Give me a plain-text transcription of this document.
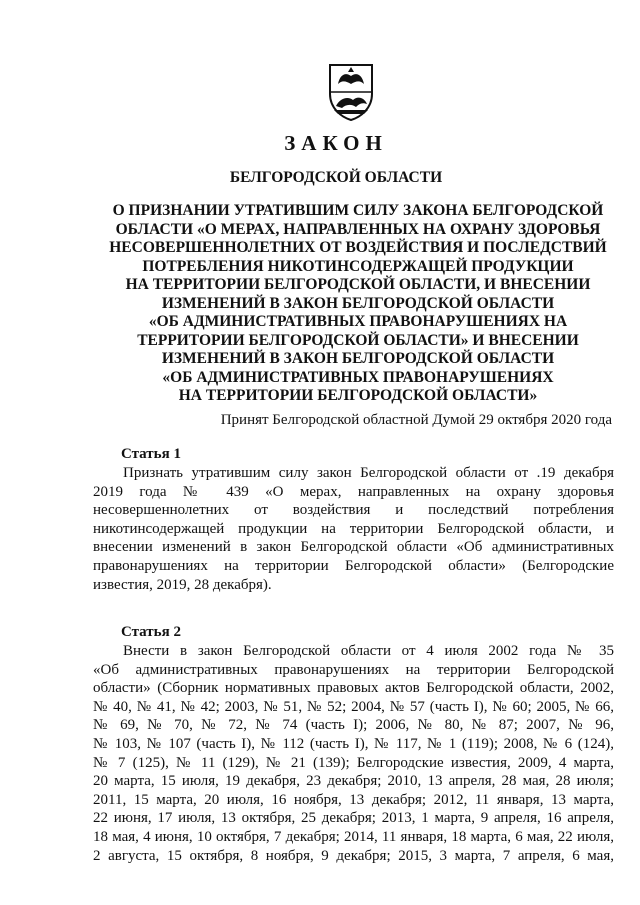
ЗАКОН
БЕЛГОРОДСКОЙ ОБЛАСТИ
О ПРИЗНАНИИ УТРАТИВШИМ СИЛУ ЗАКОНА БЕЛГОРОДСКОЙ
ОБЛАСТИ «О МЕРАХ, НАПРАВЛЕННЫХ НА ОХРАНУ ЗДОРОВЬЯ
НЕСОВЕРШЕННОЛЕТНИХ ОТ ВОЗДЕЙСТВИЯ И ПОСЛЕДСТВИЙ
ПОТРЕБЛЕНИЯ НИКОТИНСОДЕРЖАЩЕЙ ПРОДУКЦИИ
НА ТЕРРИТОРИИ БЕЛГОРОДСКОЙ ОБЛАСТИ, И ВНЕСЕНИИ
ИЗМЕНЕНИЙ В ЗАКОН БЕЛГОРОДСКОЙ ОБЛАСТИ
«ОБ АДМИНИСТРАТИВНЫХ ПРАВОНАРУШЕНИЯХ НА
ТЕРРИТОРИИ БЕЛГОРОДСКОЙ ОБЛАСТИ» И ВНЕСЕНИИ
ИЗМЕНЕНИЙ В ЗАКОН БЕЛГОРОДСКОЙ ОБЛАСТИ
«ОБ АДМИНИСТРАТИВНЫХ ПРАВОНАРУШЕНИЯХ
НА ТЕРРИТОРИИ БЕЛГОРОДСКОЙ ОБЛАСТИ»
Принят Белгородской областной Думой 29 октября 2020 года
Статья 1
Признать утратившим силу закон Белгородской области от .19 декабря
2019 года № 439 «О мерах, направленных на охрану здоровья
несовершеннолетних от воздействия и последствий потребления
никотинсодержащей продукции на территории Белгородской области, и
внесении изменений в закон Белгородской области «Об административных
правонарушениях на территории Белгородской области» (Белгородские
известия, 2019, 28 декабря).
Статья 2
Внести в закон Белгородской области от 4 июля 2002 года № 35
«Об административных правонарушениях на территории Белгородской
области» (Сборник нормативных правовых актов Белгородской области, 2002,
№ 40, № 41, № 42; 2003, № 51, № 52; 2004, № 57 (часть I), № 60; 2005, № 66,
№ 69, № 70, № 72, № 74 (часть I); 2006, № 80, № 87; 2007, № 96,
№ 103, № 107 (часть I), № 112 (часть I), № 117, № 1 (119); 2008, № 6 (124),
№ 7 (125), № 11 (129), № 21 (139); Белгородские известия, 2009, 4 марта,
20 марта, 15 июля, 19 декабря, 23 декабря; 2010, 13 апреля, 28 мая, 28 июля;
2011, 15 марта, 20 июля, 16 ноября, 13 декабря; 2012, 11 января, 13 марта,
22 июня, 17 июля, 13 октября, 25 декабря; 2013, 1 марта, 9 апреля, 16 апреля,
18 мая, 4 июня, 10 октября, 7 декабря; 2014, 11 января, 18 марта, 6 мая, 22 июля,
2 августа, 15 октября, 8 ноября, 9 декабря; 2015, 3 марта, 7 апреля, 6 мая,
